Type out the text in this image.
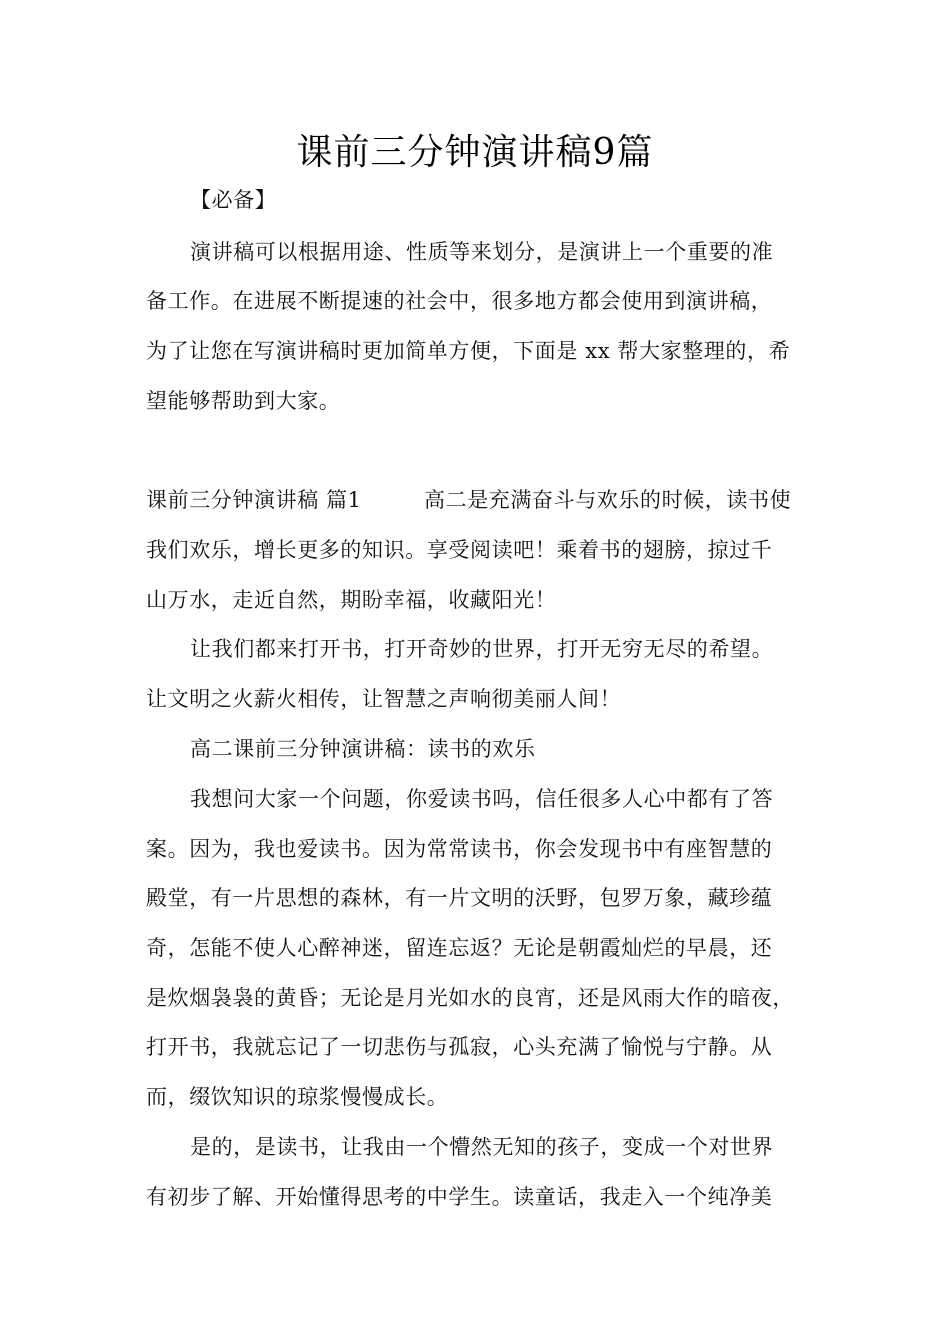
课前三分钟演讲稿9篇
【必备】
演讲稿可以根据用途、性质等来划分，是演讲上一个重要的准
备工作。在进展不断提速的社会中，很多地方都会使用到演讲稿，
为了让您在写演讲稿时更加简单方便，下面是 xx 帮大家整理的，希
望能够帮助到大家。
课前三分钟演讲稿 篇1	高二是充满奋斗与欢乐的时候，读书使
我们欢乐，增长更多的知识。享受阅读吧！乘着书的翅膀，掠过千
山万水，走近自然，期盼幸福，收藏阳光！
让我们都来打开书，打开奇妙的世界，打开无穷无尽的希望。
让文明之火薪火相传，让智慧之声响彻美丽人间！
高二课前三分钟演讲稿：读书的欢乐
我想问大家一个问题，你爱读书吗，信任很多人心中都有了答
案。因为，我也爱读书。因为常常读书，你会发现书中有座智慧的
殿堂，有一片思想的森林，有一片文明的沃野，包罗万象，藏珍蕴
奇，怎能不使人心醉神迷，留连忘返？无论是朝霞灿烂的早晨，还
是炊烟袅袅的黄昏；无论是月光如水的良宵，还是风雨大作的暗夜，
打开书，我就忘记了一切悲伤与孤寂，心头充满了愉悦与宁静。从
而，缀饮知识的琼浆慢慢成长。
是的，是读书，让我由一个懵然无知的孩子，变成一个对世界
有初步了解、开始懂得思考的中学生。读童话，我走入一个纯净美
